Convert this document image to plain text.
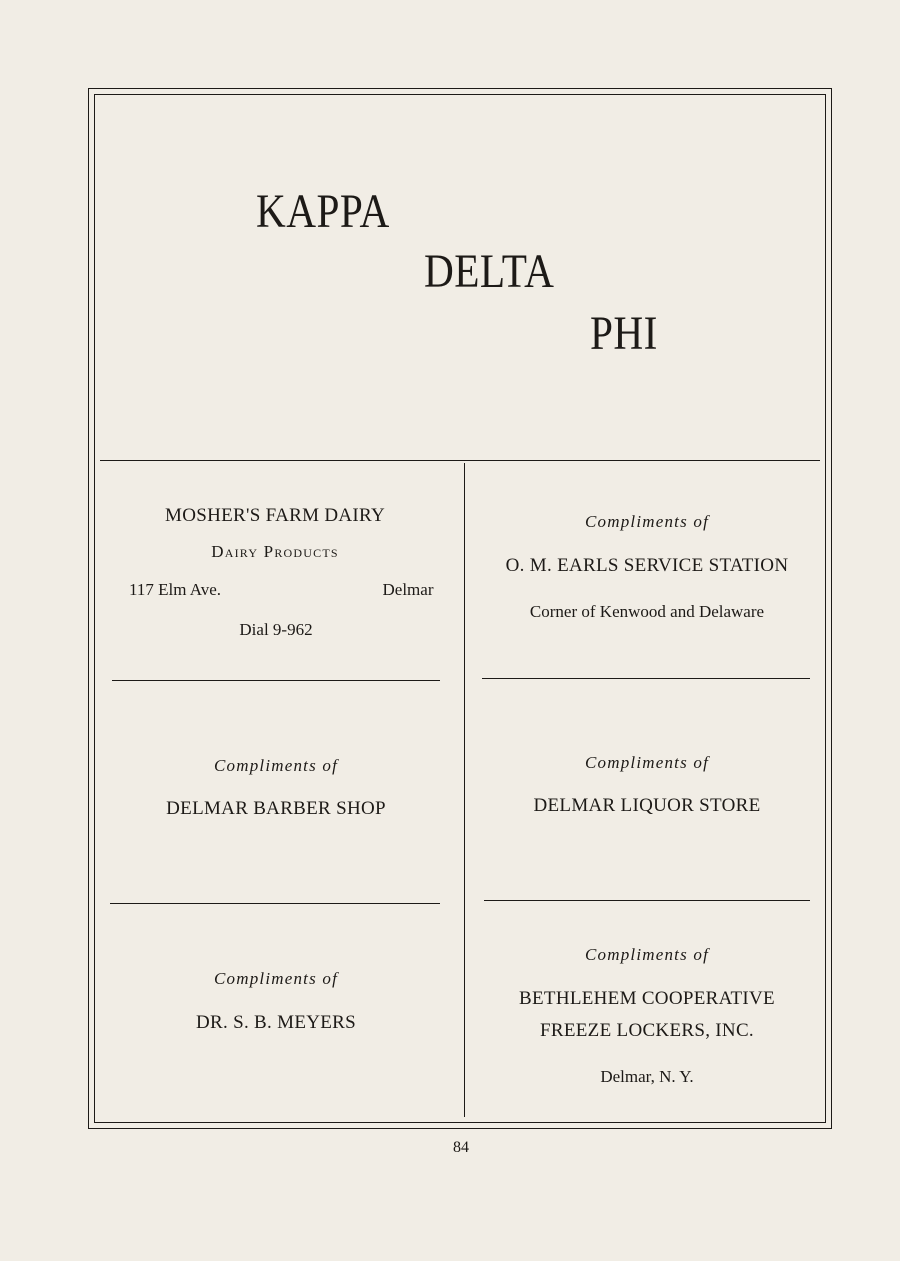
KAPPA
DELTA
PHI
MOSHER'S FARM DAIRY
Dairy Products
117 Elm Ave.	Delmar
Dial 9-962
Compliments of
O. M. EARLS SERVICE STATION
Corner of Kenwood and Delaware
Compliments of
DELMAR BARBER SHOP
Compliments of
DELMAR LIQUOR STORE
Compliments of
DR. S. B. MEYERS
Compliments of
BETHLEHEM COOPERATIVE
FREEZE LOCKERS, INC.
Delmar, N. Y.
84
